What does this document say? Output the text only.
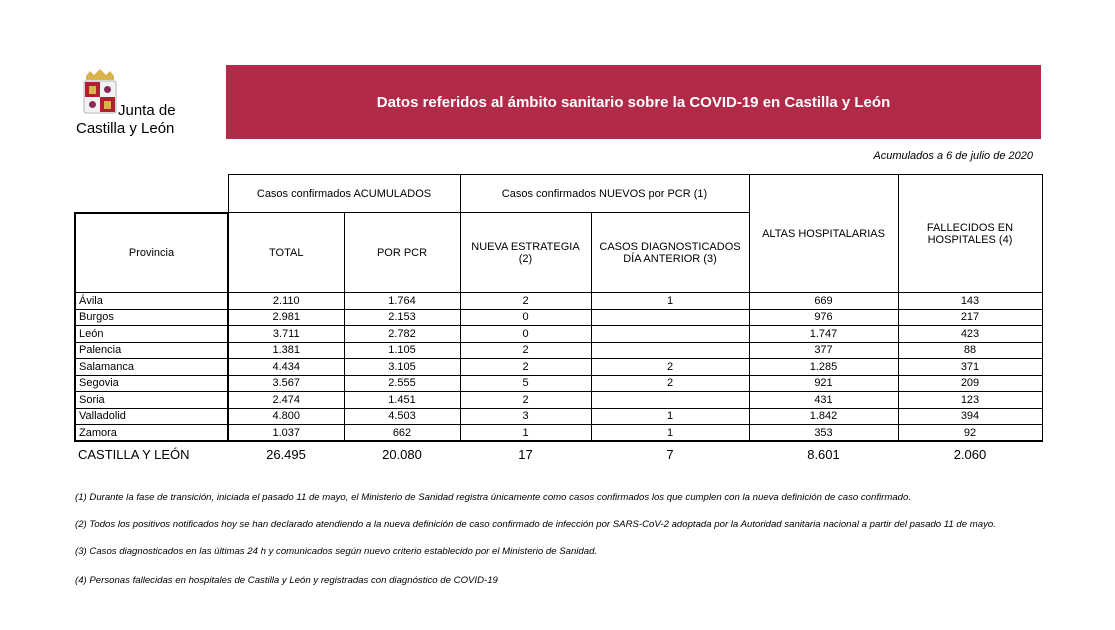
Junta de
Castilla y León
Datos referidos al ámbito sanitario sobre la COVID-19 en Castilla y León
Acumulados a 6 de julio de 2020
	Casos confirmados ACUMULADOS		Casos confirmados NUEVOS por PCR (1)		ALTAS HOSPITALARIAS	FALLECIDOS EN HOSPITALES (4)
Provincia	TOTAL	POR PCR	NUEVA ESTRATEGIA (2)	CASOS DIAGNOSTICADOS DÍA ANTERIOR (3)		
Ávila	2.110	1.764	2	1	669	143
Burgos	2.981	2.153	0		976	217
León	3.711	2.782	0		1.747	423
Palencia	1.381	1.105	2		377	88
Salamanca	4.434	3.105	2	2	1.285	371
Segovia	3.567	2.555	5	2	921	209
Soria	2.474	1.451	2		431	123
Valladolid	4.800	4.503	3	1	1.842	394
Zamora	1.037	662	1	1	353	92
CASTILLA Y LEÓN	26.495	20.080	17	7	8.601	2.060

(1) Durante la fase de transición, iniciada el pasado 11 de mayo, el Ministerio de Sanidad registra únicamente como casos confirmados los que cumplen con la nueva definición de caso confirmado.

(2) Todos los positivos notificados hoy se han declarado atendiendo a la nueva definición de caso confirmado de infección por SARS-CoV-2 adoptada por la Autoridad sanitaria nacional a partir del pasado 11 de mayo.

(3) Casos diagnosticados en las últimas 24 h y comunicados según nuevo criterio establecido por el Ministerio de Sanidad.

(4) Personas fallecidas en hospitales de Castilla y León y registradas con diagnóstico de COVID-19
